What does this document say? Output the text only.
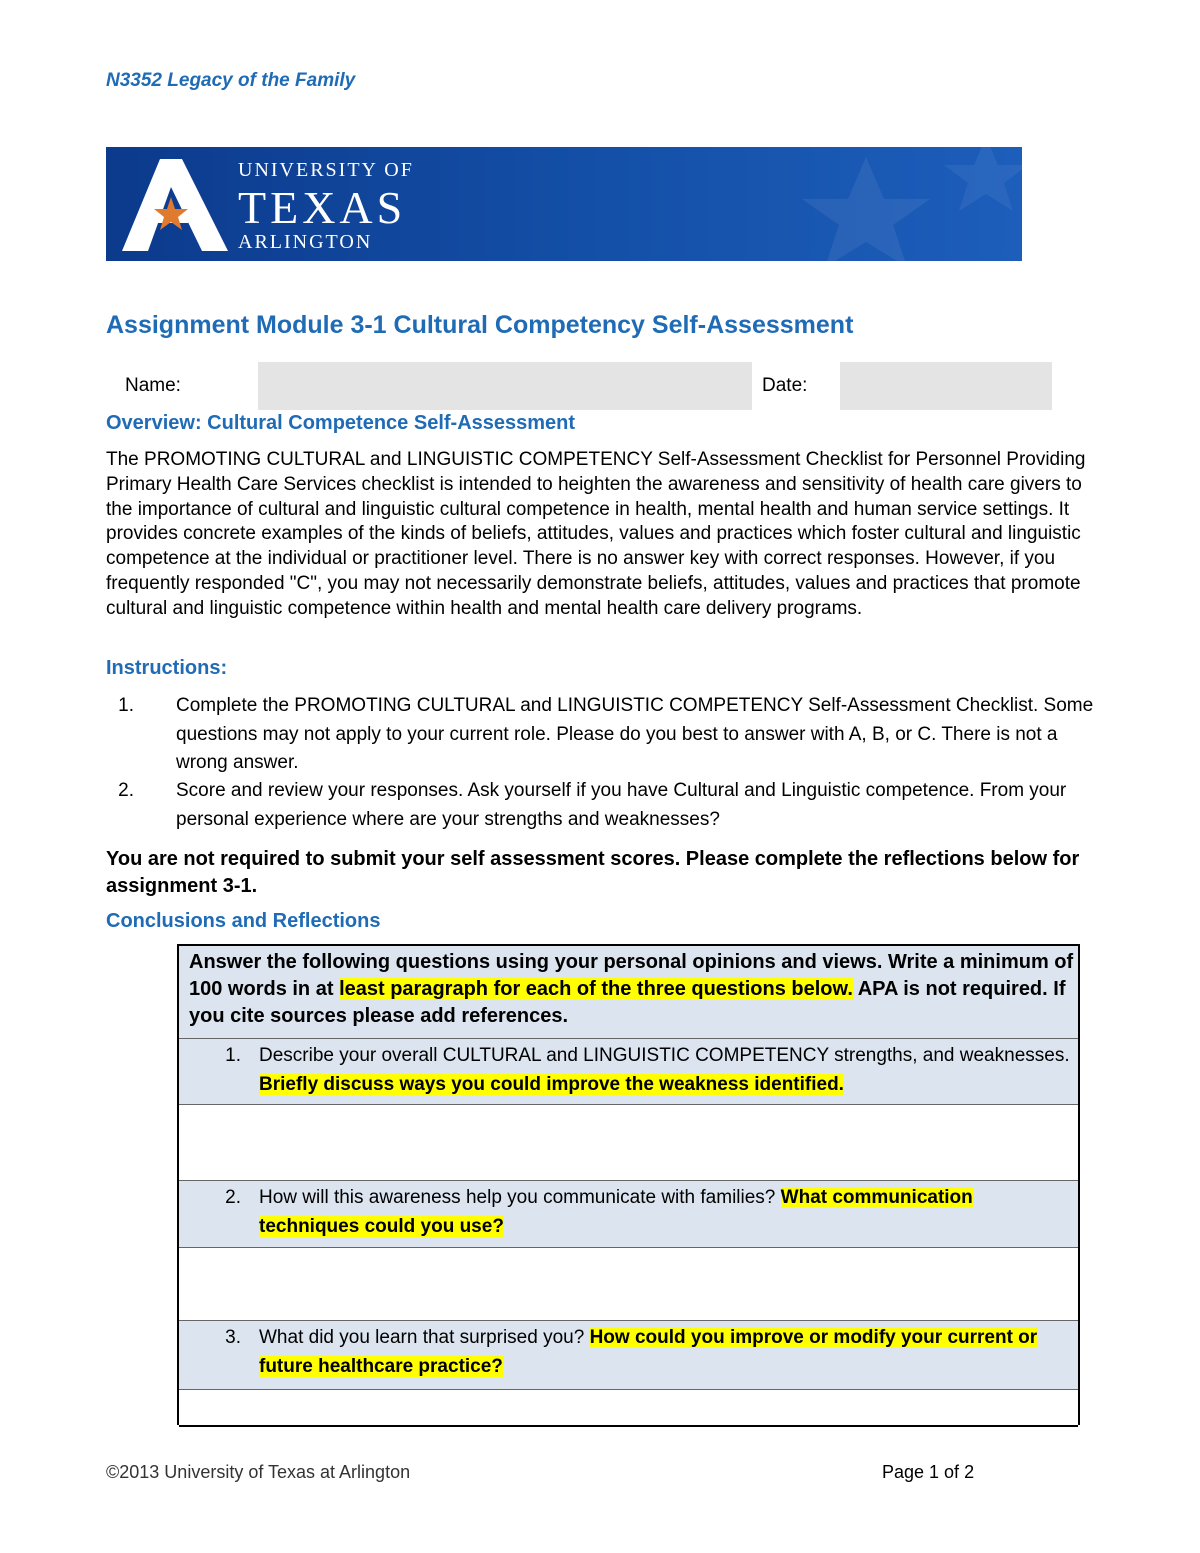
N3352 Legacy of the Family
UNIVERSITY OF
TEXAS
ARLINGTON
Assignment Module 3-1 Cultural Competency Self-Assessment
Name:	Date:
Overview: Cultural Competence Self-Assessment
The PROMOTING CULTURAL and LINGUISTIC COMPETENCY Self-Assessment Checklist for Personnel Providing Primary Health Care Services checklist is intended to heighten the awareness and sensitivity of health care givers to the importance of cultural and linguistic cultural competence in health, mental health and human service settings. It provides concrete examples of the kinds of beliefs, attitudes, values and practices which foster cultural and linguistic competence at the individual or practitioner level. There is no answer key with correct responses. However, if you frequently responded "C", you may not necessarily demonstrate beliefs, attitudes, values and practices that promote cultural and linguistic competence within health and mental health care delivery programs.
Instructions:
1. Complete the PROMOTING CULTURAL and LINGUISTIC COMPETENCY Self-Assessment Checklist. Some questions may not apply to your current role. Please do you best to answer with A, B, or C. There is not a wrong answer.
2. Score and review your responses. Ask yourself if you have Cultural and Linguistic competence. From your personal experience where are your strengths and weaknesses?
You are not required to submit your self assessment scores. Please complete the reflections below for assignment 3-1.
Conclusions and Reflections
Answer the following questions using your personal opinions and views. Write a minimum of 100 words in at least paragraph for each of the three questions below. APA is not required. If you cite sources please add references.
1. Describe your overall CULTURAL and LINGUISTIC COMPETENCY strengths, and weaknesses. Briefly discuss ways you could improve the weakness identified.
2. How will this awareness help you communicate with families? What communication techniques could you use?
3. What did you learn that surprised you? How could you improve or modify your current or future healthcare practice?
©2013 University of Texas at Arlington	Page 1 of 2
